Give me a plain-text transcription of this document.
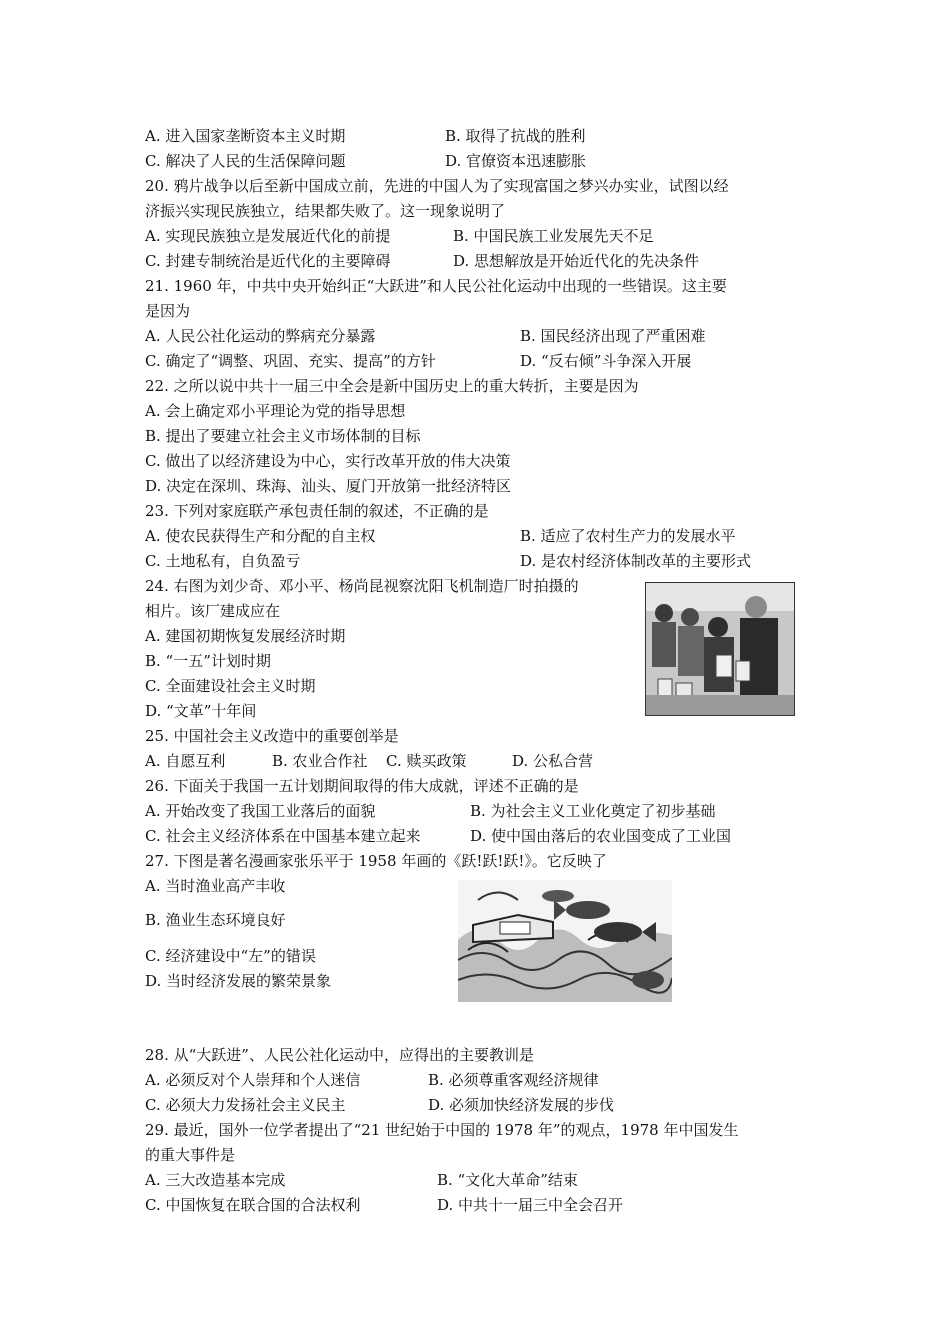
A. 进入国家垄断资本主义时期	B. 取得了抗战的胜利
C. 解决了人民的生活保障问题	D. 官僚资本迅速膨胀
20. 鸦片战争以后至新中国成立前，先进的中国人为了实现富国之梦兴办实业，试图以经
济振兴实现民族独立，结果都失败了。这一现象说明了
A. 实现民族独立是发展近代化的前提	B. 中国民族工业发展先天不足
C. 封建专制统治是近代化的主要障碍	D. 思想解放是开始近代化的先决条件
21. 1960 年，中共中央开始纠正“大跃进”和人民公社化运动中出现的一些错误。这主要
是因为
A. 人民公社化运动的弊病充分暴露	B. 国民经济出现了严重困难
C. 确定了“调整、巩固、充实、提高”的方针	D. “反右倾”斗争深入开展
22. 之所以说中共十一届三中全会是新中国历史上的重大转折，主要是因为
A. 会上确定邓小平理论为党的指导思想
B. 提出了要建立社会主义市场体制的目标
C. 做出了以经济建设为中心，实行改革开放的伟大决策
D. 决定在深圳、珠海、汕头、厦门开放第一批经济特区
23. 下列对家庭联产承包责任制的叙述，不正确的是
A. 使农民获得生产和分配的自主权	B. 适应了农村生产力的发展水平
C. 土地私有，自负盈亏	D. 是农村经济体制改革的主要形式
24. 右图为刘少奇、邓小平、杨尚昆视察沈阳飞机制造厂时拍摄的
相片。该厂建成应在
A. 建国初期恢复发展经济时期
B. “一五”计划时期
C. 全面建设社会主义时期
D. “文革”十年间
25. 中国社会主义改造中的重要创举是
A. 自愿互利	B. 农业合作社 C. 赎买政策	D. 公私合营
26. 下面关于我国一五计划期间取得的伟大成就，评述不正确的是
A. 开始改变了我国工业落后的面貌	B. 为社会主义工业化奠定了初步基础
C. 社会主义经济体系在中国基本建立起来	D. 使中国由落后的农业国变成了工业国
27. 下图是著名漫画家张乐平于 1958 年画的《跃!跃!跃!》。它反映了
A. 当时渔业高产丰收
B. 渔业生态环境良好
C. 经济建设中“左”的错误
D. 当时经济发展的繁荣景象
28. 从“大跃进”、人民公社化运动中，应得出的主要教训是
A. 必须反对个人崇拜和个人迷信	B. 必须尊重客观经济规律
C. 必须大力发扬社会主义民主	D. 必须加快经济发展的步伐
29. 最近，国外一位学者提出了“21 世纪始于中国的 1978 年”的观点，1978 年中国发生
的重大事件是
A. 三大改造基本完成	B. “文化大革命”结束
C. 中国恢复在联合国的合法权利	D. 中共十一届三中全会召开
